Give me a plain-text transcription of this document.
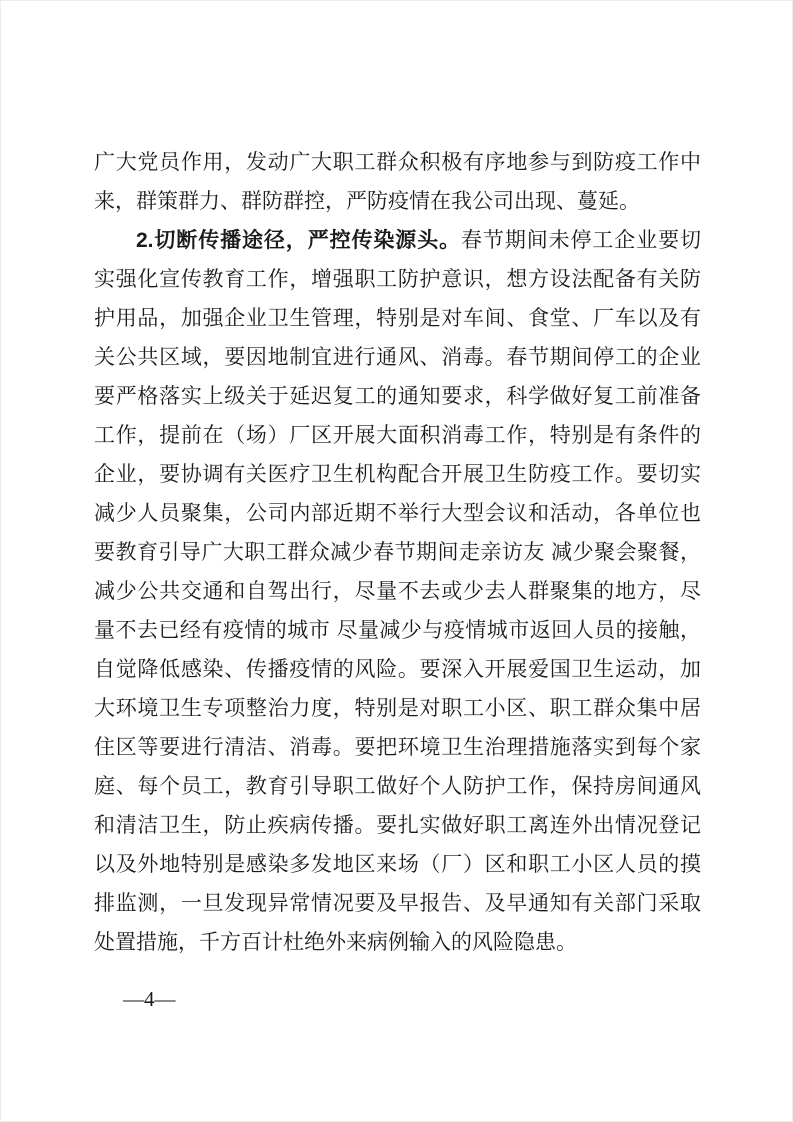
广大党员作用，发动广大职工群众积极有序地参与到防疫工作中
来，群策群力、群防群控，严防疫情在我公司出现、蔓延。
2.切断传播途径，严控传染源头。春节期间未停工企业要切
实强化宣传教育工作，增强职工防护意识，想方设法配备有关防
护用品，加强企业卫生管理，特别是对车间、食堂、厂车以及有
关公共区域，要因地制宜进行通风、消毒。春节期间停工的企业
要严格落实上级关于延迟复工的通知要求，科学做好复工前准备
工作，提前在（场）厂区开展大面积消毒工作，特别是有条件的
企业，要协调有关医疗卫生机构配合开展卫生防疫工作。要切实
减少人员聚集，公司内部近期不举行大型会议和活动，各单位也
要教育引导广大职工群众减少春节期间走亲访友 减少聚会聚餐，
减少公共交通和自驾出行，尽量不去或少去人群聚集的地方，尽
量不去已经有疫情的城市 尽量减少与疫情城市返回人员的接触，
自觉降低感染、传播疫情的风险。要深入开展爱国卫生运动，加
大环境卫生专项整治力度，特别是对职工小区、职工群众集中居
住区等要进行清洁、消毒。要把环境卫生治理措施落实到每个家
庭、每个员工，教育引导职工做好个人防护工作，保持房间通风
和清洁卫生，防止疾病传播。要扎实做好职工离连外出情况登记
以及外地特别是感染多发地区来场（厂）区和职工小区人员的摸
排监测，一旦发现异常情况要及早报告、及早通知有关部门采取
处置措施，千方百计杜绝外来病例输入的风险隐患。
—4—
